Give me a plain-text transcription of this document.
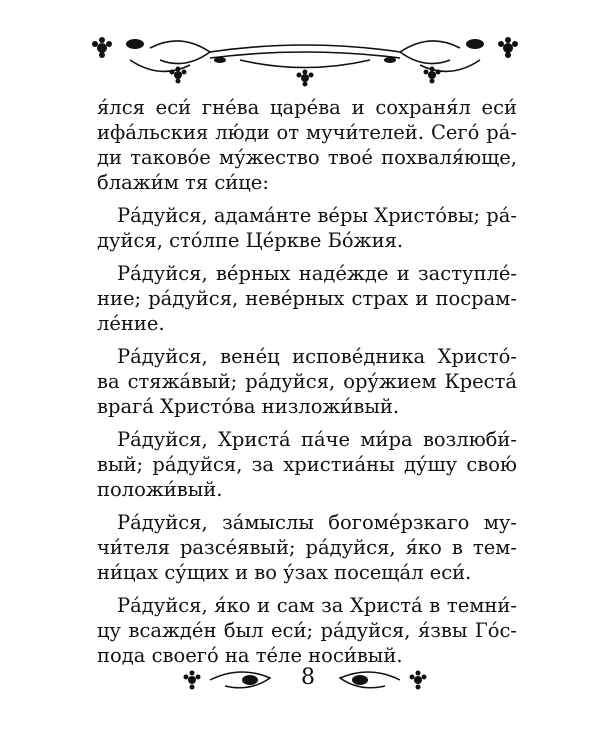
я́лся еси́ гне́ва царе́ва и сохраня́л еси́
ифа́льския лю́ди от мучи́телей. Сего́ ра́-
ди таково́е му́жество твое́ похваля́юще,
блажи́м тя си́це:
Ра́дуйся, адама́нте ве́ры Христо́вы; ра́-
дуйся, сто́лпе Це́ркве Бо́жия.
Ра́дуйся, ве́рных наде́жде и заступле́-
ние; ра́дуйся, неве́рных страх и посрам-
ле́ние.
Ра́дуйся, вене́ц испове́дника Христо́-
ва стяжа́вый; ра́дуйся, ору́жием Креста́
врага́ Христо́ва низложи́вый.
Ра́дуйся, Христа́ па́че ми́ра возлюби́-
вый; ра́дуйся, за христиа́ны ду́шу свою́
положи́вый.
Ра́дуйся, за́мыслы богоме́рзкаго му-
чи́теля разсе́явый; ра́дуйся, я́ко в тем-
ни́цах су́щих и во у́зах посеща́л еси́.
Ра́дуйся, я́ко и сам за Христа́ в темни́-
цу всажде́н был еси́; ра́дуйся, я́звы Го́с-
пода своего́ на те́ле носи́вый.
8
